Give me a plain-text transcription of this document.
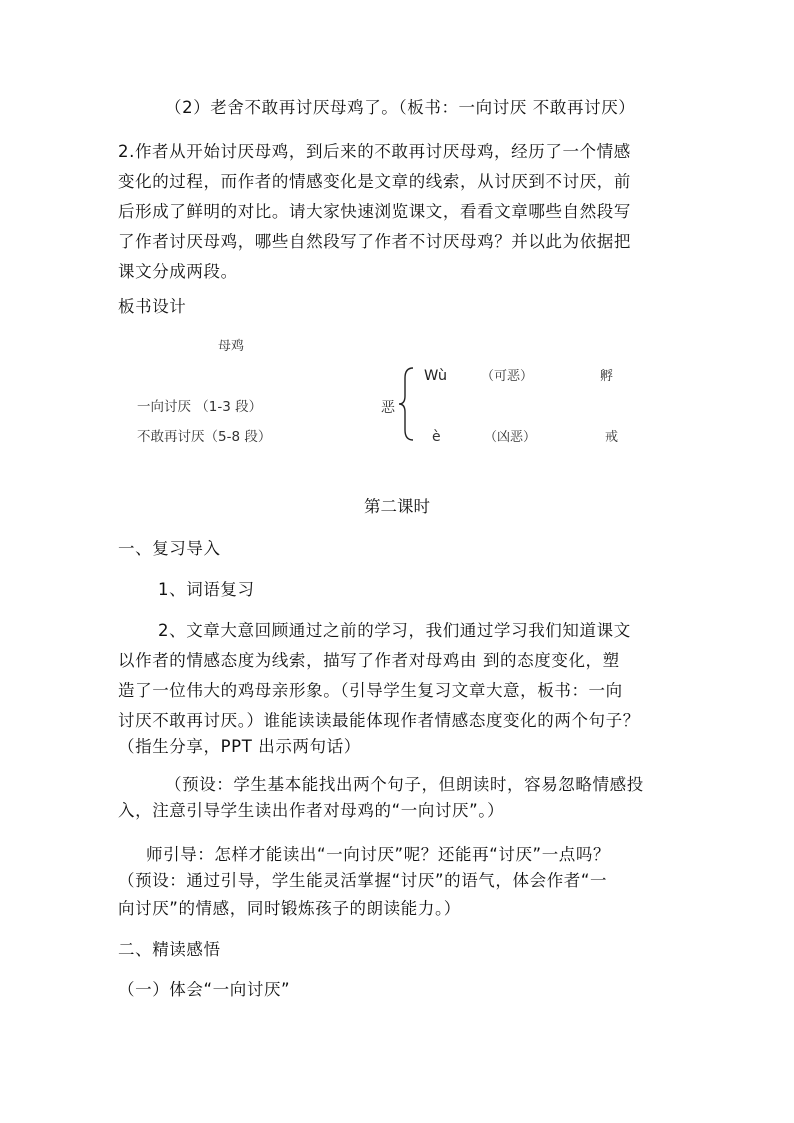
（2）老舍不敢再讨厌母鸡了。（板书：一向讨厌 不敢再讨厌）
2.作者从开始讨厌母鸡，到后来的不敢再讨厌母鸡，经历了一个情感
变化的过程，而作者的情感变化是文章的线索，从讨厌到不讨厌，前
后形成了鲜明的对比。请大家快速浏览课文，看看文章哪些自然段写
了作者讨厌母鸡，哪些自然段写了作者不讨厌母鸡？并以此为依据把
课文分成两段。
板书设计
母鸡
一向讨厌 （1-3 段）
不敢再讨厌（5-8 段）
恶
Wù	（可恶）	孵
è	（凶恶）	戒
第二课时
一、复习导入
1、词语复习
2、文章大意回顾通过之前的学习，我们通过学习我们知道课文
以作者的情感态度为线索，描写了作者对母鸡由 到的态度变化，塑
造了一位伟大的鸡母亲形象。（引导学生复习文章大意，板书：一向
讨厌不敢再讨厌。）谁能读读最能体现作者情感态度变化的两个句子？
（指生分享，PPT 出示两句话）
（预设：学生基本能找出两个句子，但朗读时，容易忽略情感投
入，注意引导学生读出作者对母鸡的“一向讨厌”。）
师引导：怎样才能读出“一向讨厌”呢？还能再“讨厌”一点吗？
（预设：通过引导，学生能灵活掌握“讨厌”的语气，体会作者“一
向讨厌”的情感，同时锻炼孩子的朗读能力。）
二、精读感悟
（一）体会“一向讨厌”
